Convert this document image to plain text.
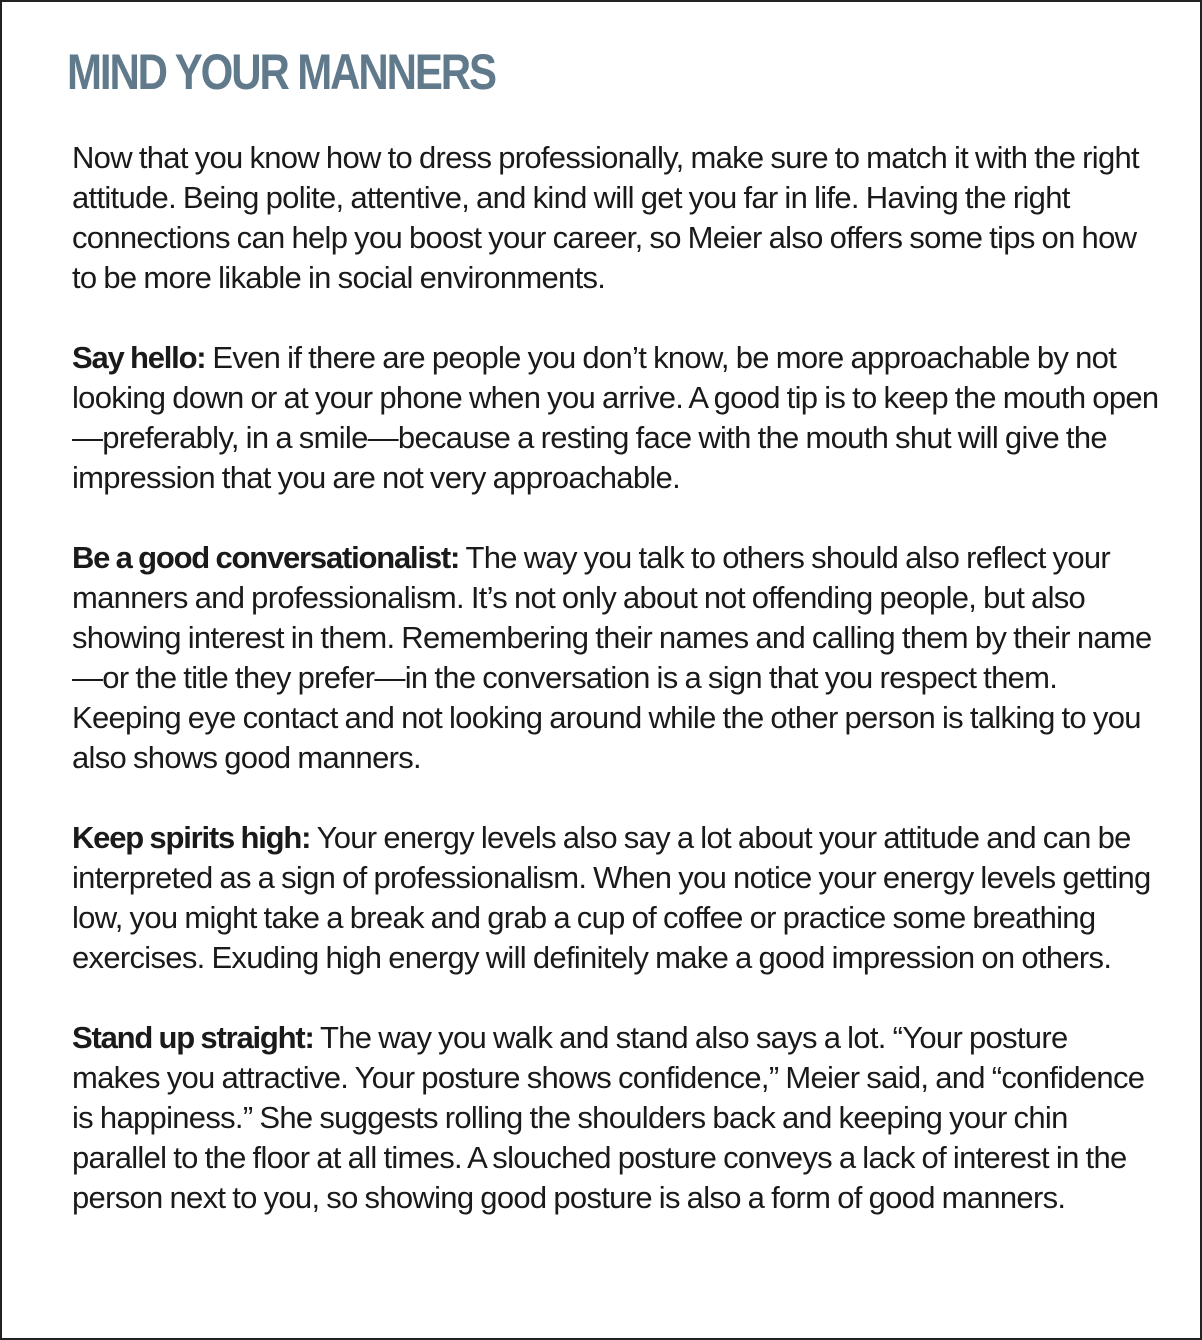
MIND YOUR MANNERS

Now that you know how to dress professionally, make sure to match it with the right attitude. Being polite, attentive, and kind will get you far in life. Having the right connections can help you boost your career, so Meier also offers some tips on how to be more likable in social environments.

Say hello: Even if there are people you don’t know, be more approachable by not looking down or at your phone when you arrive. A good tip is to keep the mouth open—preferably, in a smile—because a resting face with the mouth shut will give the impression that you are not very approachable.

Be a good conversationalist: The way you talk to others should also reflect your manners and professionalism. It’s not only about not offending people, but also showing interest in them. Remembering their names and calling them by their name—or the title they prefer—in the conversation is a sign that you respect them. Keeping eye contact and not looking around while the other person is talking to you also shows good manners.

Keep spirits high: Your energy levels also say a lot about your attitude and can be interpreted as a sign of professionalism. When you notice your energy levels getting low, you might take a break and grab a cup of coffee or practice some breathing exercises. Exuding high energy will definitely make a good impression on others.

Stand up straight: The way you walk and stand also says a lot. “Your posture makes you attractive. Your posture shows confidence,” Meier said, and “confidence is happiness.” She suggests rolling the shoulders back and keeping your chin parallel to the floor at all times. A slouched posture conveys a lack of interest in the person next to you, so showing good posture is also a form of good manners.
